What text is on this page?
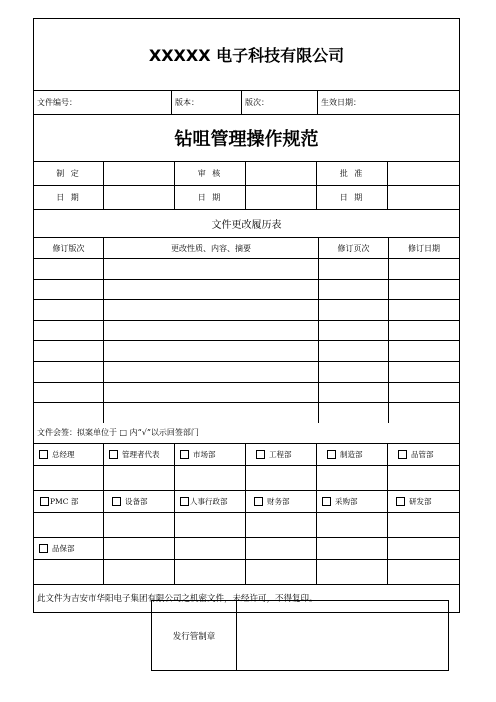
XXXXX 电子科技有限公司
文件编号：	版本：	版次：	生效日期：
钻咀管理操作规范
制 定	审 核	批 准
日 期	日 期	日 期
文件更改履历表
修订版次	更改性质、内容、摘要	修订页次	修订日期
文件会签：拟案单位于 □ 内“√”以示回签部门
总经理	管理者代表	市场部	工程部	制造部	品管部
PMC 部	设备部	人事行政部	财务部	采购部	研发部
品保部
此文件为吉安市华阳电子集团有限公司之机密文件，未经许可，不得复印。
发行管制章
